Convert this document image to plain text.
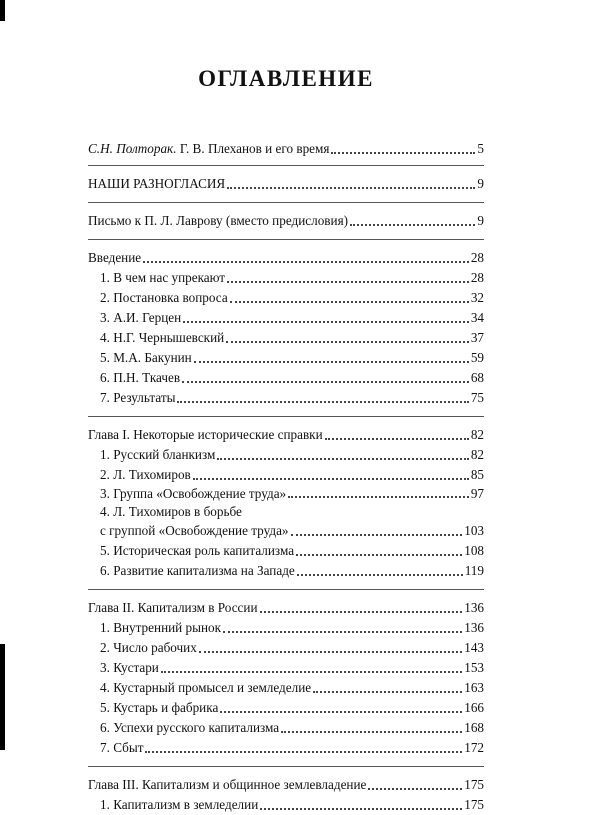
ОГЛАВЛЕНИЕ
С.Н. Полторак. Г. В. Плеханов и его время	5
НАШИ РАЗНОГЛАСИЯ	9
Письмо к П. Л. Лаврову (вместо предисловия)	9
Введение	28
1. В чем нас упрекают	28
2. Постановка вопроса	32
3. А.И. Герцен	34
4. Н.Г. Чернышевский	37
5. М.А. Бакунин	59
6. П.Н. Ткачев	68
7. Результаты	75
Глава I. Некоторые исторические справки	82
1. Русский бланкизм	82
2. Л. Тихомиров	85
3. Группа «Освобождение труда»	97
4. Л. Тихомиров в борьбе
с группой «Освобождение труда»	103
5. Историческая роль капитализма	108
6. Развитие капитализма на Западе	119
Глава II. Капитализм в России	136
1. Внутренний рынок	136
2. Число рабочих	143
3. Кустари	153
4. Кустарный промысел и земледелие	163
5. Кустарь и фабрика	166
6. Успехи русского капитализма	168
7. Сбыт	172
Глава III. Капитализм и общинное землевладение	175
1. Капитализм в земледелии	175
